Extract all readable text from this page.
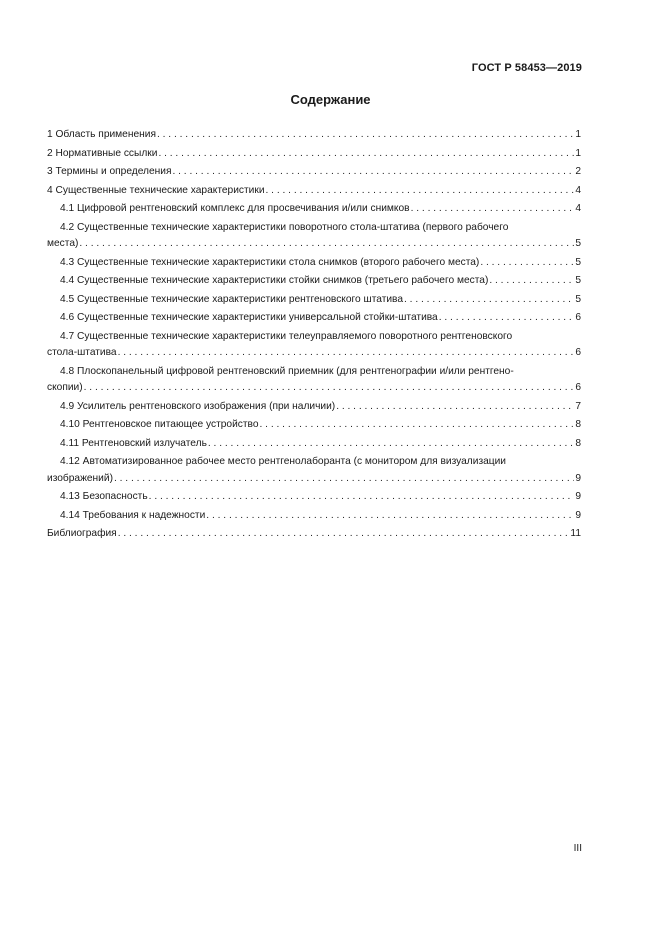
ГОСТ Р 58453—2019
Содержание
1 Область применения . . .	1
2 Нормативные ссылки . . .	1
3 Термины и определения . . .	2
4 Существенные технические характеристики . . .	4
4.1 Цифровой рентгеновский комплекс для просвечивания и/или снимков . . .	4
4.2 Существенные технические характеристики поворотного стола-штатива (первого рабочего
места) . . .	5
4.3 Существенные технические характеристики стола снимков (второго рабочего места) . . .	5
4.4 Существенные технические характеристики стойки снимков (третьего рабочего места) . . .	5
4.5 Существенные технические характеристики рентгеновского штатива . . .	5
4.6 Существенные технические характеристики универсальной стойки-штатива . . .	6
4.7 Существенные технические характеристики телеуправляемого поворотного рентгеновского
стола-штатива . . .	6
4.8 Плоскопанельный цифровой рентгеновский приемник (для рентгенографии и/или рентгено-
скопии) . . .	6
4.9 Усилитель рентгеновского изображения (при наличии) . . .	7
4.10 Рентгеновское питающее устройство . . .	8
4.11 Рентгеновский излучатель . . .	8
4.12 Автоматизированное рабочее место рентгенолаборанта (с монитором для визуализации
изображений) . . .	9
4.13 Безопасность . . .	9
4.14 Требования к надежности . . .	9
Библиография . . .	11
III
